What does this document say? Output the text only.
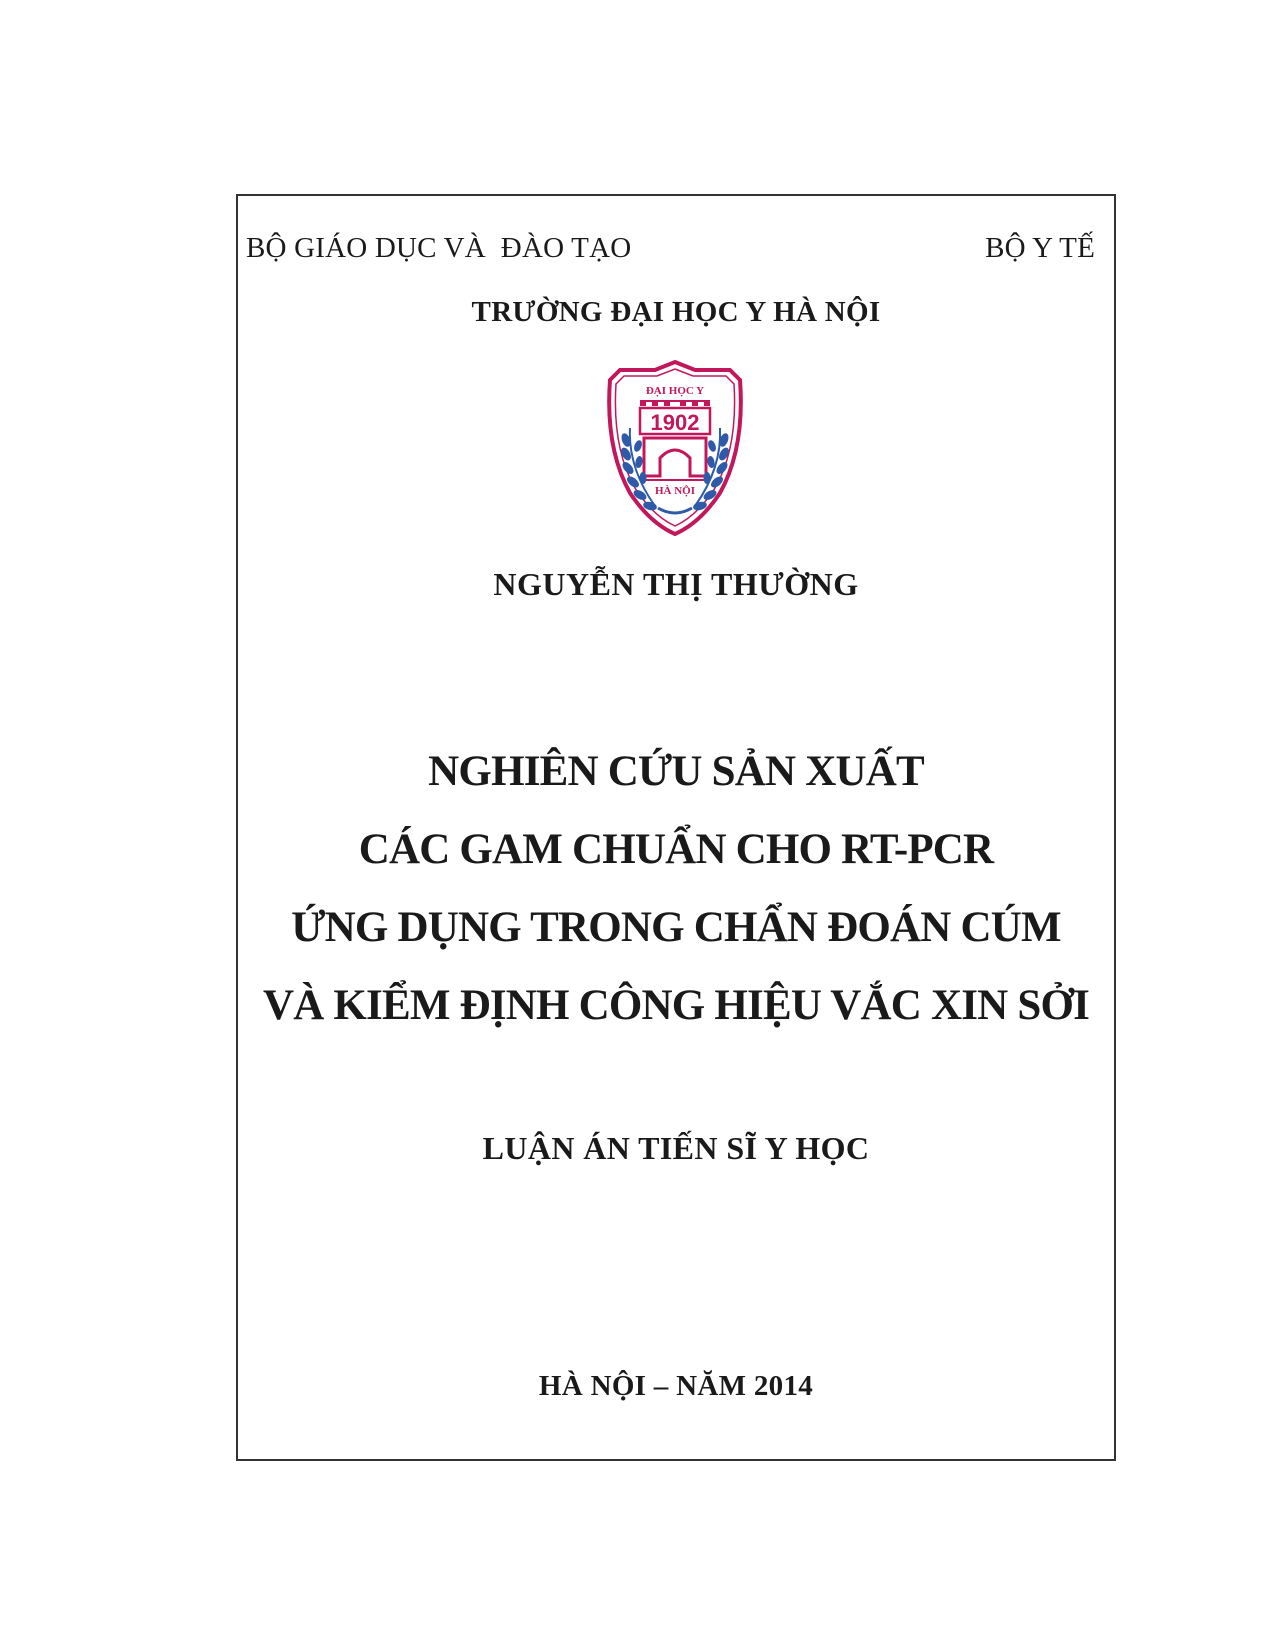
BỘ GIÁO DỤC VÀ  ĐÀO TẠO	BỘ Y TẾ
TRƯỜNG ĐẠI HỌC Y HÀ NỘI
ĐẠI HỌC Y
1902
HÀ NỘI
NGUYỄN THỊ THƯỜNG
NGHIÊN CỨU SẢN XUẤT
CÁC GAM CHUẨN CHO RT-PCR
ỨNG DỤNG TRONG CHẨN ĐOÁN CÚM
VÀ KIỂM ĐỊNH CÔNG HIỆU VẮC XIN SỞI
LUẬN ÁN TIẾN SĨ Y HỌC
HÀ NỘI – NĂM 2014
